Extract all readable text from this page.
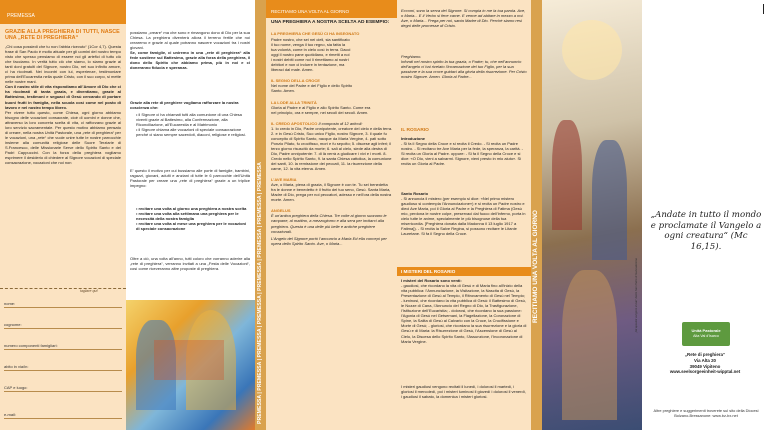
PREMESSA
GRAZIE ALLA PREGHIERA DI TUTTI, NASCE UNA „RETE DI PREGHIERA“

„Chi cosa possiedi che tu non l’abbia ricevuto“ (1Cor 4,7). Questa frase di San Paolo è molto attuale per gli uomini del nostro tempo visto che spesso pensiamo di essere noi gli artefici di tutto ciò che facciamo. In verità tutto ciò che siamo, lo siamo grazie ai tanti doni gratuiti del Signore, nostro Dio, nel suo infinito amore, ci ha ricolmati. Nei incontri con lui, esperienze, testimoniare prima dell’Eucarestia nella quale Cristo, con il suo corpo, si mette nelle nostre mani.

Con il nostro stile di vita rispondiamo all’Amore di Dio che ci ha ricolmati di tanta grazia, e diventiamo, grazie al Battesimo, testimoni e seguaci di Gesù cercando di portare buoni frutti in famiglia, nella scuola così come nel posto di lavoro e nel nostro tempo libero.

Per vivere tutto questo, come Chiesa, ogni giorno abbiamo bisogno delle vocazioni consacrate, cioè di uomini e donne che, attraverso la loro concreta scelta di vita, ci rafforzano grazie al loro servizio sacramentale. Per questo motivo abbiamo pensato di creare, nella nostra Unità Pastorale, una „rete di preghiera“ per le vocazioni, una „rete“ che vuole unire tutte le nostre parrocchie insieme alla comunità religiose delle Suore Terziarie di S.Francesco, delle Missionarie Serve dello Spirito Santo e dei Padri Cappuccini. Con la forza della preghiera vogliamo esprimere il desiderio di chiedere al Signore vocazioni di speciale consacrazione, vocazioni che noi non

tagliare qui!
nome:
cognome:
numero componenti famigliari:
abito in via/in:
CAP e luogo:
e-mail:

possiamo „creare“ ma che sono e rimangono dono di Dio per la sua Chiesa. La preghiera diventerà allora il terreno fertile che noi crearemo e grazie al quale potranno nascere vocazioni tra i nostri giovani.

Se, come famiglie, ci uniremo in una „rete di preghiera“ alla fede sostiene sul Battesimo, grazie alla forza della preghiera, il dono dello Spirito che abbiamo prima, più in noi e ci doneranno fiducia e speranza.

Grazie alla rete di preghiere vogliamo rafforzare la nostra coscienza che:

• il Signore ci ha chiamati tutti alla comunione di una Chiesa viventi grazie al Battesimo, alla Confermazione, alla Riconciliazione, all’Eucarestia e al Matrimonio

• il Signore chiama alle vocazioni di speciale consacrazione perché ci siano sempre sacerdoti, diaconi, religiose e religiosi.

E’ questo il motivo per cui bussiamo alle porte di famiglie, bambini, ragazzi, giovani, adulti e anziani di tutte le 6 parrocchie dell’Unità Pastorale per creare una „rete di preghiera“ grazie a un triplice impegno:

• recitare una volta al giorno una preghiera a nostra scelta

• recitare una volta alla settimana una preghiera per le necessità della nostra famiglia

• recitare una volta al mese una preghiera per le vocazioni di speciale consacrazione

Oltre a ciò, una volta all’anno, tutti coloro che vorranno aderire alla „rete di preghiera“, verranno invitati a una „Festa delle Vocazioni“, così come riceveranno altre proposte di preghiera.	PREMESSA | PREMESSA | PREMESSA | PREMESSA | PREMESSA | PREMESSA | PREMESSA | PREMESSA
RECITIAMO UNA VOLTA AL GIORNO
UNA PREGHIERA A NOSTRA SCELTA AD ESEMPIO:
LA PREGHIERA CHE GESÙ CI HA INSEGNATO
Padre nostro, che sei nei cieli, sia santificato il tuo nome, venga il tuo regno, sia fatta la tua volontà, come in cielo così in terra. Dacci oggi il nostro pane quotidiano, e rimetti a noi i nostri debiti come noi li rimettiamo ai nostri debitori e non ci indurre in tentazione, ma liberaci dal male. Amen.
IL SEGNO DELLA CROCE
Nel nome del Padre e del Figlio e dello Spirito Santo. Amen.
LA LODE ALLA TRINITÀ
Gloria al Padre e al Figlio e allo Spirito Santo. Come era nel principio, ora e sempre, nei secoli dei secoli. Amen.
IL CREDO APOSTOLICO Il composto di 12 articoli:
1. Io credo in Dio, Padre onnipotente, creatore del cielo e della terra. 2. e in Gesù Cristo, Suo unico Figlio, nostro Signore, 3. il quale fu concepito di Spirito Santo, nacque da Maria Vergine, 4. patì sotto Ponzio Pilato, fu crocifisso, morì e fu sepolto; 5. discese agli inferi; il terzo giorno risuscitò da morte; 6. salì al cielo, siede alla destra di Dio, Padre onnipotente: 7. di là verrà a giudicare i vivi e i morti. 8. Credo nello Spirito Santo, 9. la santa Chiesa cattolica, la comunione dei santi, 10. la remissione dei peccati, 11. la risurrezione della carne, 12. la vita eterna. Amen.
L’AVE MARIA
Ave, o Maria, piena di grazia, il Signore è con te. Tu sei benedetta fra le donne e benedetto è il frutto del tuo seno, Gesù. Santa Maria, Madre di Dio, prega per noi peccatori, adesso e nell’ora della nostra morte. Amen.
ANGELUS
È un’antica preghiera della Chiesa. Tre volte al giorno suonano le campane, al mattino, a mezzogiorno e alla sera per invitarci alla preghiera. Questa è una delle più belle e antiche preghiere vocazionali.
L’Angelo del Signore portò l’annuncio a Maria Ed ella concepì per opera dello Spirito Santo. Ave, o Maria...
Eccomi, sono la serva del Signore. Si compia in me la tua parola. Ave, o Maria... E il Verbo si fece carne. E venne ad abitare in mezzo a noi. Ave, o Maria... Prega per noi, santa Madre di Dio. Perché siamo resi degni delle promesse di Cristo.
Preghiamo.
Infondi nel nostro spirito la tua grazia, o Padre; tu, che nell’annuncio dell’angelo ci hai rivelato l’incarnazione del tuo Figlio, per la sua passione e la sua croce guidaci alla gloria della risurrezione. Per Cristo nostro Signore. Amen. Gloria al Padre...
IL ROSARIO
Introduzione
- Si fa il Segno della Croce e si recita il Credo. - Si recita un Padre nostro. - Si recitano tre Ave Maria per la fede, la speranza, la carità. - Si recita un Gloria al Padre. oppure: - Si fa il Segno della Croce e si dice: «O Dio, vieni a salvarmi. Signore, vieni presto in mio aiuto». Si recita un Gloria al Padre.
Santo Rosario
- Si annuncia il mistero (per esempio si dice: «Nel primo mistero gaudioso si contempla l’Annunciazione») e si recita un Padre nostro e dieci Ave Maria, poi il Gloria al Padre e la Preghiera di Fatima (Gesù mio, perdona le nostre colpe, preservaci dal fuoco dell’inferno, porta in cielo tutte le anime, specialmente le più bisognose della tua misericordia. [Preghiera donata dalla Madonna il 13 luglio 1917 a Fatima]). - Si recita la Salve Regina, si possono recitare le Litanie Lauretane. Si fa il Segno della Croce.
I MISTERI DEL ROSARIO
I misteri del Rosario sono venti:
- gaudiosi, che ricordano la vita di Gesù e di Maria fino all’inizio della vita pubblica: l’Annunciazione, la Visitazione, la Nascita di Gesù, la Presentazione di Gesù al Tempio, il Ritrovamento di Gesù nel Tempio; - luminosi, che ricordano la vita pubblica di Gesù: il Battesimo di Gesù, le Nozze di Cana, l’Annuncio del Regno di Dio, la Trasfigurazione, l’Istituzione dell’Eucaristia; - dolorosi, che ricordano la sua passione: l’Agonia di Gesù nel Getsemani, la Flagellazione, la Coronazione di Spine, la Salita di Gesù al Calvario con la Croce, la Crocifissione e Morte di Gesù; - gloriosi, che ricordano la sua risurrezione e la gloria di Gesù e di Maria: la Risurrezione di Gesù, l’Ascensione di Gesù al Cielo, la Discesa dello Spirito Santo, l’Assunzione, l’Incoronazione di Maria Vergine.
I misteri gaudiosi vengono recitati il lunedì, i dolorosi il martedì, i gloriosi il mercoledì, poi i misteri luminosi il giovedì i dolorosi il venerdì, i gaudiosi il sabato, la domenica i misteri gloriosi.
RECITIAMO UNA VOLTA AL GIORNO	„Gli apostoli vengono inviati“ dietro San Pietro di Gerusalemme
„Andate in tutto il mondo e proclamate il Vangelo a ogni creatura“ (Mc 16,15).
Unità Pastorale
Alta Val d’Isarco
„Rete di preghiera“
Via Alta 20
39049 Vipiteno
www.seelsorgeeinheit-wipptal.net
Altre preghiere e suggerimenti troverete sul sito della Diocesi Bolzano-Bressanone: www.bz-bx.net
